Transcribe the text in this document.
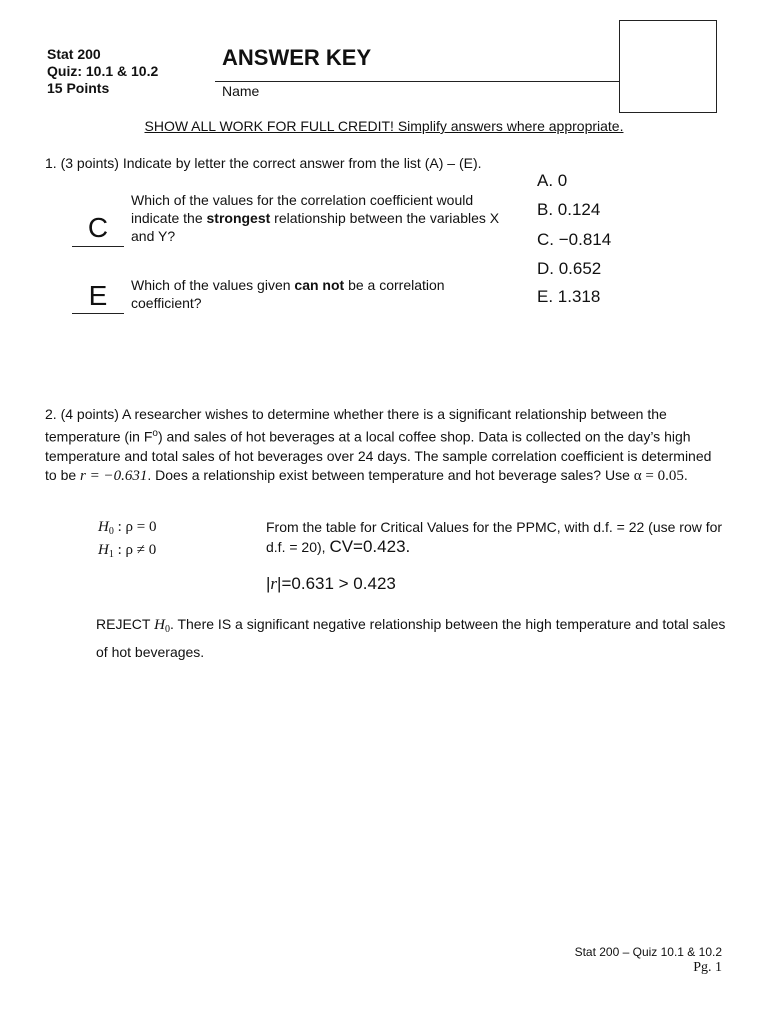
Stat 200
Quiz: 10.1 & 10.2
15 Points
ANSWER KEY
Name
SHOW ALL WORK FOR FULL CREDIT! Simplify answers where appropriate.
1. (3 points) Indicate by letter the correct answer from the list (A) – (E).
C
Which of the values for the correlation coefficient would indicate the strongest relationship between the variables X and Y?
E	Which of the values given can not be a correlation coefficient?
A. 0
B. 0.124
C. −0.814
D. 0.652
E. 1.318
2. (4 points) A researcher wishes to determine whether there is a significant relationship between the temperature (in $F^o$) and sales of hot beverages at a local coffee shop. Data is collected on the day’s high temperature and total sales of hot beverages over 24 days. The sample correlation coefficient is determined to be r = −0.631. Does a relationship exist between temperature and hot beverage sales? Use α = 0.05.
$H_0$ : ρ = 0
$H_1$ : ρ ≠ 0
From the table for Critical Values for the PPMC, with d.f. = 22 (use row for d.f. = 20), CV=0.423.
|r|=0.631 > 0.423
REJECT $H_0$. There IS a significant negative relationship between the high temperature and total sales of hot beverages.
Stat 200 – Quiz 10.1 & 10.2
Pg. 1
